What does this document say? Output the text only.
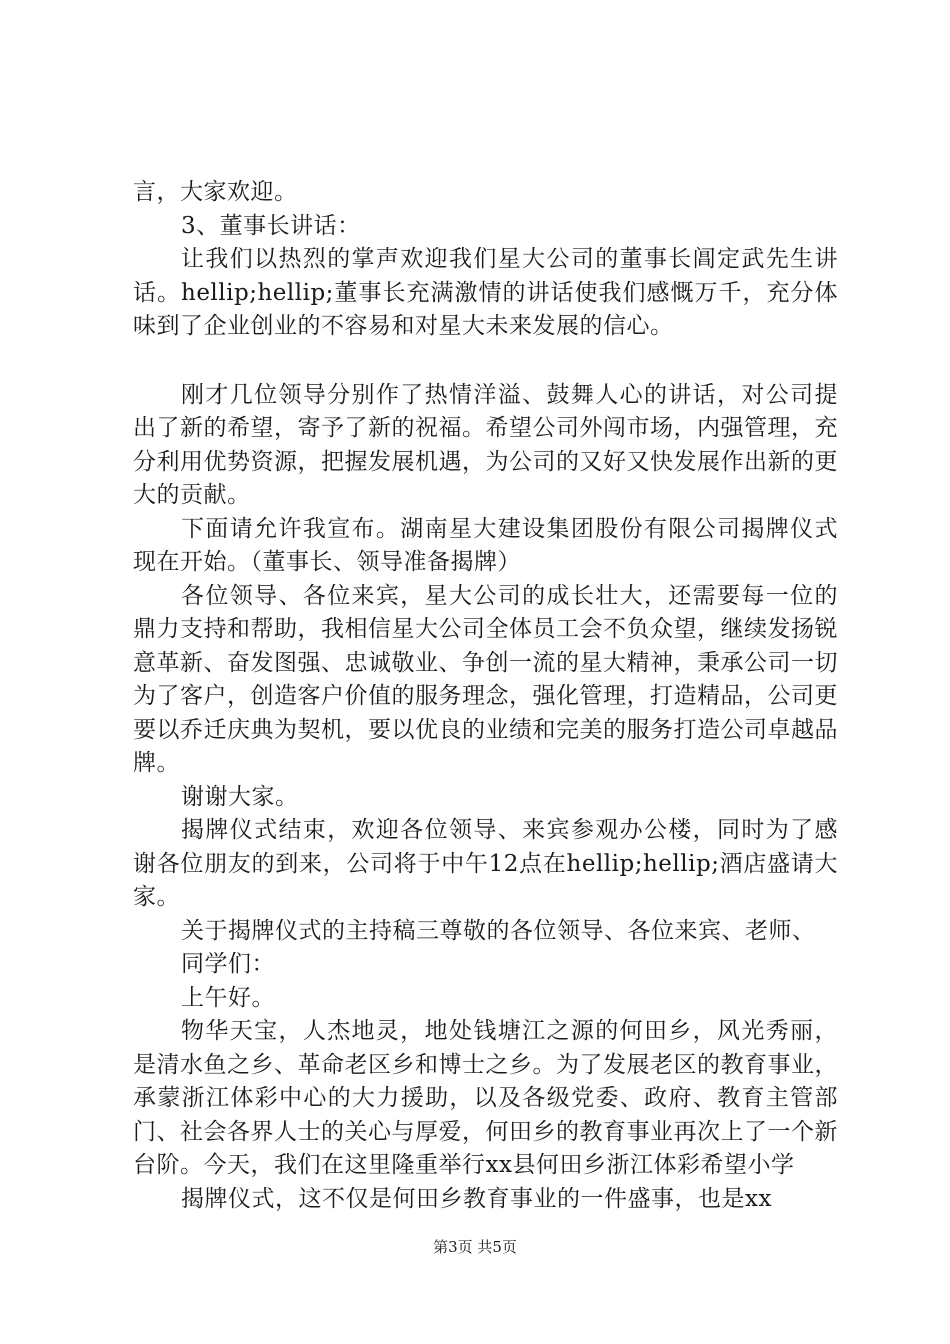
言，大家欢迎。

3、董事长讲话：

让我们以热烈的掌声欢迎我们星大公司的董事长阊定武先生讲话。hellip;hellip;董事长充满激情的讲话使我们感慨万千，充分体味到了企业创业的不容易和对星大未来发展的信心。

刚才几位领导分别作了热情洋溢、鼓舞人心的讲话，对公司提出了新的希望，寄予了新的祝福。希望公司外闯市场，内强管理，充分利用优势资源，把握发展机遇，为公司的又好又快发展作出新的更大的贡献。

下面请允许我宣布。湖南星大建设集团股份有限公司揭牌仪式现在开始。（董事长、领导准备揭牌）

各位领导、各位来宾，星大公司的成长壮大，还需要每一位的鼎力支持和帮助，我相信星大公司全体员工会不负众望，继续发扬锐意革新、奋发图强、忠诚敬业、争创一流的星大精神，秉承公司一切为了客户，创造客户价值的服务理念，强化管理，打造精品，公司更要以乔迁庆典为契机，要以优良的业绩和完美的服务打造公司卓越品牌。

谢谢大家。

揭牌仪式结束，欢迎各位领导、来宾参观办公楼，同时为了感谢各位朋友的到来，公司将于中午12点在hellip;hellip;酒店盛请大家。

关于揭牌仪式的主持稿三尊敬的各位领导、各位来宾、老师、

同学们：

上午好。

物华天宝，人杰地灵，地处钱塘江之源的何田乡，风光秀丽，是清水鱼之乡、革命老区乡和博士之乡。为了发展老区的教育事业，承蒙浙江体彩中心的大力援助，以及各级党委、政府、教育主管部门、社会各界人士的关心与厚爱，何田乡的教育事业再次上了一个新台阶。今天，我们在这里隆重举行xx县何田乡浙江体彩希望小学

揭牌仪式，这不仅是何田乡教育事业的一件盛事，也是xx

第3页 共5页
